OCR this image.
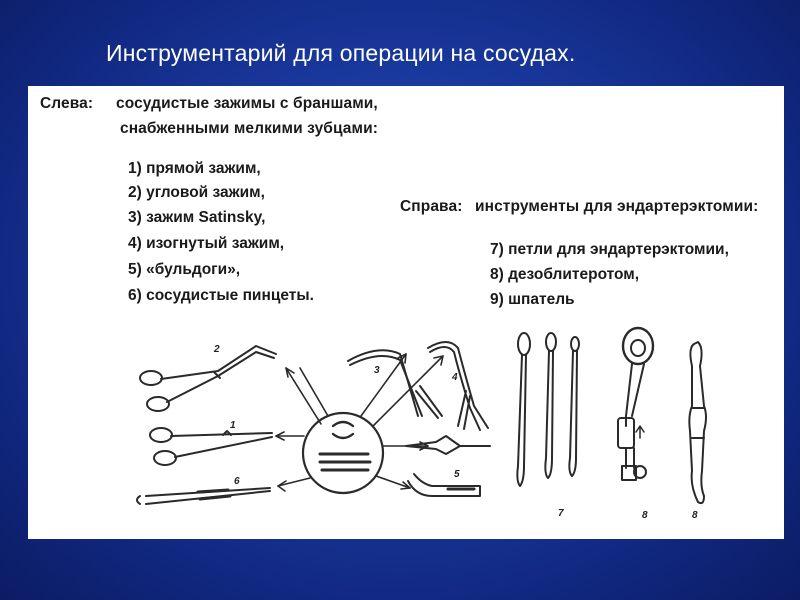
Инструментарий для операции на сосудах.
Слева: сосудистые зажимы с браншами,
снабженными мелкими зубцами:
1) прямой зажим,
2) угловой зажим,
3) зажим Satinsky,
4) изогнутый зажим,
5) «бульдоги»,
6) сосудистые пинцеты.
Справа: инструменты для эндартерэктомии:
7) петли для эндартерэктомии,
8) дезоблитеротом,
9) шпатель
2
1
6
3
4
5
7	8	8
